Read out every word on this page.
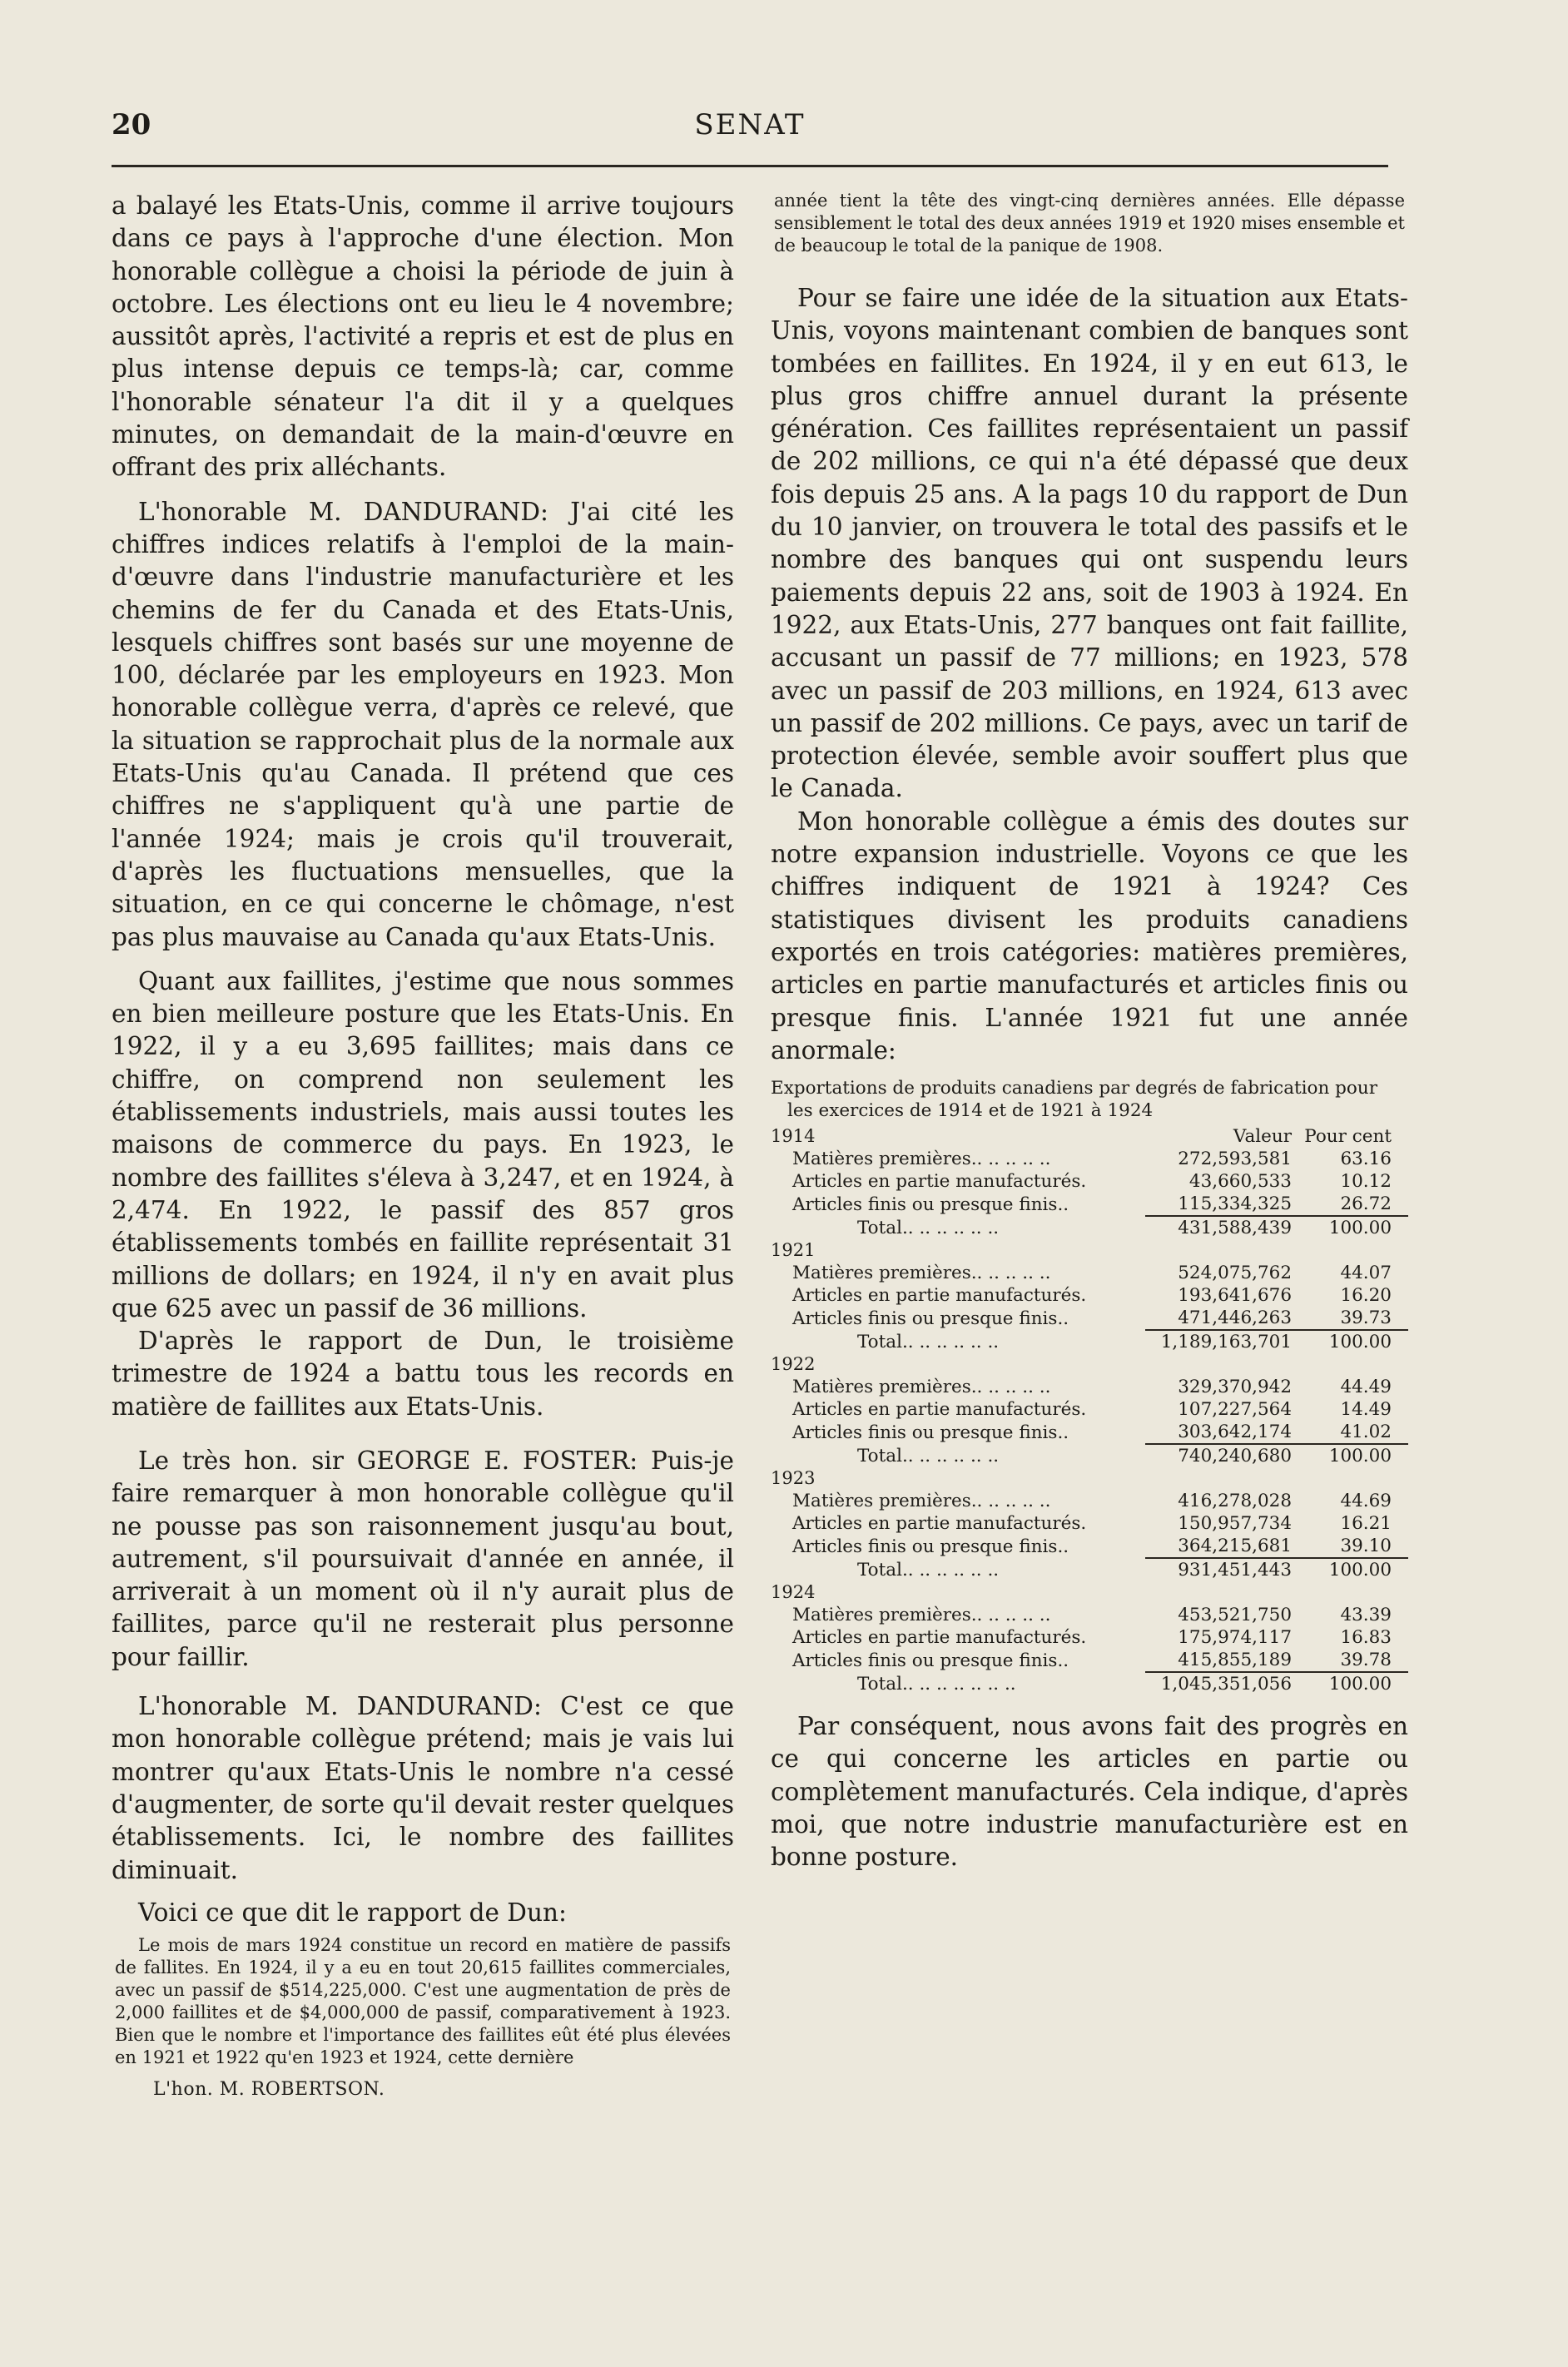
20	SENAT

a balayé les Etats-Unis, comme il arrive toujours dans ce pays à l'approche d'une élection. Mon honorable collègue a choisi la période de juin à octobre. Les élections ont eu lieu le 4 novembre; aussitôt après, l'activité a repris et est de plus en plus intense depuis ce temps-là; car, comme l'honorable sénateur l'a dit il y a quelques minutes, on demandait de la main-d'œuvre en offrant des prix alléchants.

L'honorable M. DANDURAND: J'ai cité les chiffres indices relatifs à l'emploi de la main-d'œuvre dans l'industrie manufacturière et les chemins de fer du Canada et des Etats-Unis, lesquels chiffres sont basés sur une moyenne de 100, déclarée par les employeurs en 1923. Mon honorable collègue verra, d'après ce relevé, que la situation se rapprochait plus de la normale aux Etats-Unis qu'au Canada. Il prétend que ces chiffres ne s'appliquent qu'à une partie de l'année 1924; mais je crois qu'il trouverait, d'après les fluctuations mensuelles, que la situation, en ce qui concerne le chômage, n'est pas plus mauvaise au Canada qu'aux Etats-Unis.

Quant aux faillites, j'estime que nous sommes en bien meilleure posture que les Etats-Unis. En 1922, il y a eu 3,695 faillites; mais dans ce chiffre, on comprend non seulement les établissements industriels, mais aussi toutes les maisons de commerce du pays. En 1923, le nombre des faillites s'éleva à 3,247, et en 1924, à 2,474. En 1922, le passif des 857 gros établissements tombés en faillite représentait 31 millions de dollars; en 1924, il n'y en avait plus que 625 avec un passif de 36 millions.

D'après le rapport de Dun, le troisième trimestre de 1924 a battu tous les records en matière de faillites aux Etats-Unis.

Le très hon. sir GEORGE E. FOSTER: Puis-je faire remarquer à mon honorable collègue qu'il ne pousse pas son raisonnement jusqu'au bout, autrement, s'il poursuivait d'année en année, il arriverait à un moment où il n'y aurait plus de faillites, parce qu'il ne resterait plus personne pour faillir.

L'honorable M. DANDURAND: C'est ce que mon honorable collègue prétend; mais je vais lui montrer qu'aux Etats-Unis le nombre n'a cessé d'augmenter, de sorte qu'il devait rester quelques établissements. Ici, le nombre des faillites diminuait.

Voici ce que dit le rapport de Dun:

Le mois de mars 1924 constitue un record en matière de passifs de fallites. En 1924, il y a eu en tout 20,615 faillites commerciales, avec un passif de $514,225,000. C'est une augmentation de près de 2,000 faillites et de $4,000,000 de passif, comparativement à 1923. Bien que le nombre et l'importance des faillites eût été plus élevées en 1921 et 1922 qu'en 1923 et 1924, cette dernière

L'hon. M. ROBERTSON.

année tient la tête des vingt-cinq dernières années. Elle dépasse sensiblement le total des deux années 1919 et 1920 mises ensemble et de beaucoup le total de la panique de 1908.

Pour se faire une idée de la situation aux Etats-Unis, voyons maintenant combien de banques sont tombées en faillites. En 1924, il y en eut 613, le plus gros chiffre annuel durant la présente génération. Ces faillites représentaient un passif de 202 millions, ce qui n'a été dépassé que deux fois depuis 25 ans. A la pags 10 du rapport de Dun du 10 janvier, on trouvera le total des passifs et le nombre des banques qui ont suspendu leurs paiements depuis 22 ans, soit de 1903 à 1924. En 1922, aux Etats-Unis, 277 banques ont fait faillite, accusant un passif de 77 millions; en 1923, 578 avec un passif de 203 millions, en 1924, 613 avec un passif de 202 millions. Ce pays, avec un tarif de protection élevée, semble avoir souffert plus que le Canada.

Mon honorable collègue a émis des doutes sur notre expansion industrielle. Voyons ce que les chiffres indiquent de 1921 à 1924? Ces statistiques divisent les produits canadiens exportés en trois catégories: matières premières, articles en partie manufacturés et articles finis ou presque finis. L'année 1921 fut une année anormale:

Exportations de produits canadiens par degrés de fabrication pour les exercices de 1914 et de 1921 à 1924

1914	Valeur	Pour cent
Matières premières.. .. .. .. ..	272,593,581	63.16
Articles en partie manufacturés.	43,660,533	10.12
Articles finis ou presque finis..	115,334,325	26.72
Total.. .. .. .. .. ..	431,588,439	100.00
1921		
Matières premières.. .. .. .. ..	524,075,762	44.07
Articles en partie manufacturés.	193,641,676	16.20
Articles finis ou presque finis..	471,446,263	39.73
Total.. .. .. .. .. ..	1,189,163,701	100.00
1922		
Matières premières.. .. .. .. ..	329,370,942	44.49
Articles en partie manufacturés.	107,227,564	14.49
Articles finis ou presque finis..	303,642,174	41.02
Total.. .. .. .. .. ..	740,240,680	100.00
1923		
Matières premières.. .. .. .. ..	416,278,028	44.69
Articles en partie manufacturés.	150,957,734	16.21
Articles finis ou presque finis..	364,215,681	39.10
Total.. .. .. .. .. ..	931,451,443	100.00
1924		
Matières premières.. .. .. .. ..	453,521,750	43.39
Articles en partie manufacturés.	175,974,117	16.83
Articles finis ou presque finis..	415,855,189	39.78
Total.. .. .. .. .. .. ..	1,045,351,056	100.00

Par conséquent, nous avons fait des progrès en ce qui concerne les articles en partie ou complètement manufacturés. Cela indique, d'après moi, que notre industrie manufacturière est en bonne posture.
